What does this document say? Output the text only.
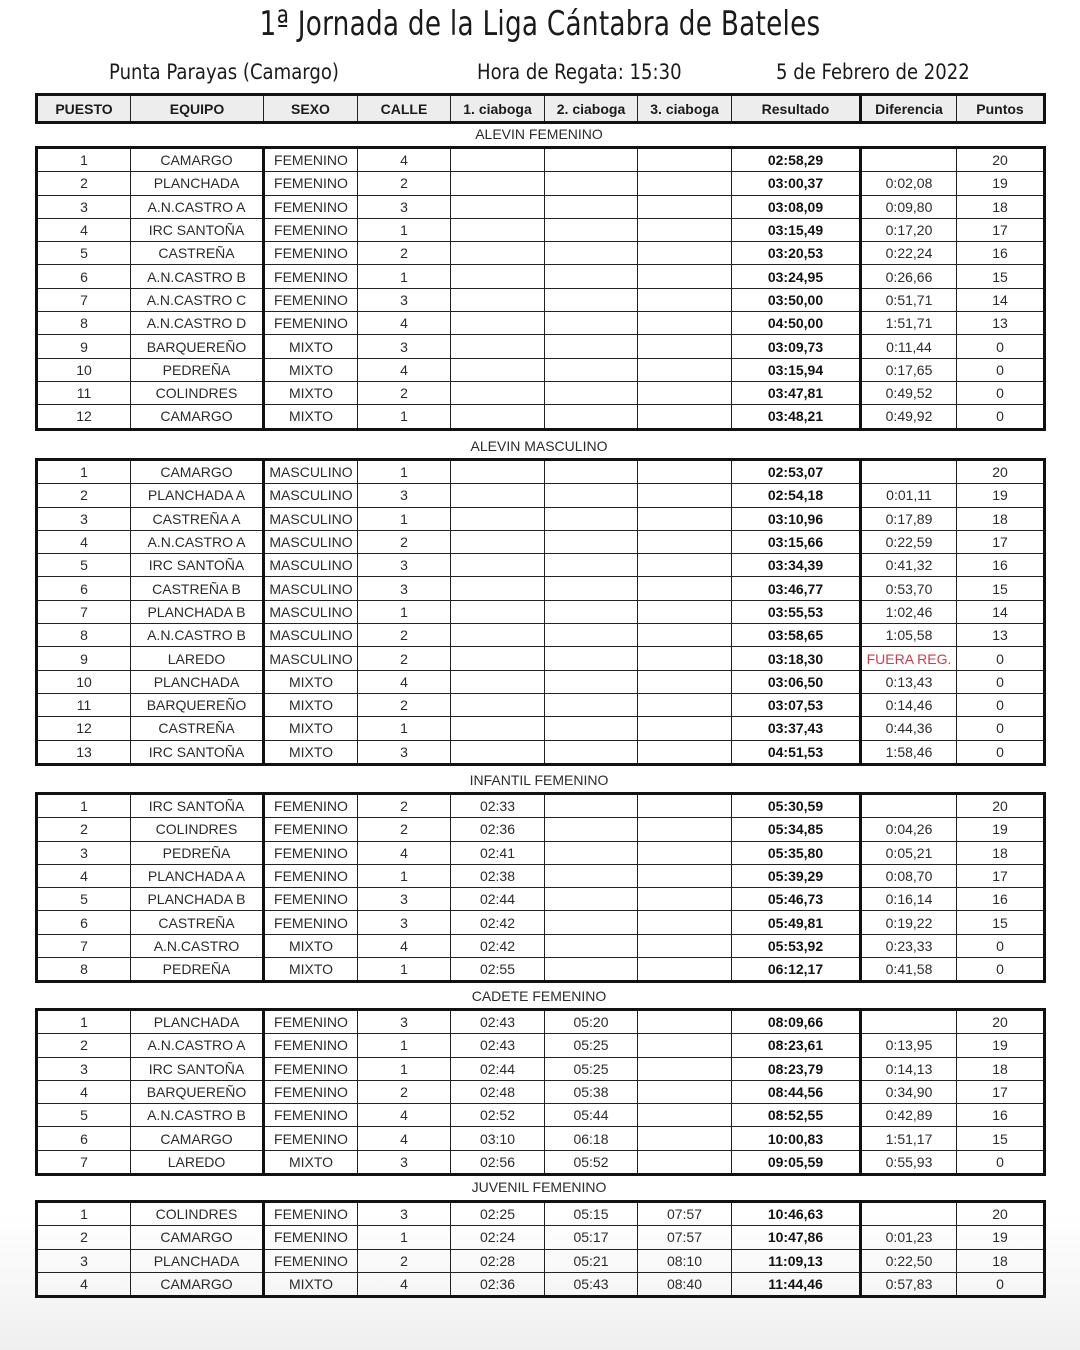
1ª Jornada de la Liga Cántabra de Bateles
Punta Parayas (Camargo)	Hora de Regata: 15:30	5 de Febrero de 2022
PUESTO	EQUIPO	SEXO	CALLE	1. ciaboga	2. ciaboga	3. ciaboga	Resultado	Diferencia	Puntos
ALEVIN FEMENINO
1	CAMARGO	FEMENINO	4				02:58,29		20
2	PLANCHADA	FEMENINO	2				03:00,37	0:02,08	19
3	A.N.CASTRO A	FEMENINO	3				03:08,09	0:09,80	18
4	IRC SANTOÑA	FEMENINO	1				03:15,49	0:17,20	17
5	CASTREÑA	FEMENINO	2				03:20,53	0:22,24	16
6	A.N.CASTRO B	FEMENINO	1				03:24,95	0:26,66	15
7	A.N.CASTRO C	FEMENINO	3				03:50,00	0:51,71	14
8	A.N.CASTRO D	FEMENINO	4				04:50,00	1:51,71	13
9	BARQUEREÑO	MIXTO	3				03:09,73	0:11,44	0
10	PEDREÑA	MIXTO	4				03:15,94	0:17,65	0
11	COLINDRES	MIXTO	2				03:47,81	0:49,52	0
12	CAMARGO	MIXTO	1				03:48,21	0:49,92	0
ALEVIN MASCULINO
1	CAMARGO	MASCULINO	1				02:53,07		20
2	PLANCHADA A	MASCULINO	3				02:54,18	0:01,11	19
3	CASTREÑA A	MASCULINO	1				03:10,96	0:17,89	18
4	A.N.CASTRO A	MASCULINO	2				03:15,66	0:22,59	17
5	IRC SANTOÑA	MASCULINO	3				03:34,39	0:41,32	16
6	CASTREÑA B	MASCULINO	3				03:46,77	0:53,70	15
7	PLANCHADA B	MASCULINO	1				03:55,53	1:02,46	14
8	A.N.CASTRO B	MASCULINO	2				03:58,65	1:05,58	13
9	LAREDO	MASCULINO	2				03:18,30	FUERA REG.	0
10	PLANCHADA	MIXTO	4				03:06,50	0:13,43	0
11	BARQUEREÑO	MIXTO	2				03:07,53	0:14,46	0
12	CASTREÑA	MIXTO	1				03:37,43	0:44,36	0
13	IRC SANTOÑA	MIXTO	3				04:51,53	1:58,46	0
INFANTIL FEMENINO
1	IRC SANTOÑA	FEMENINO	2	02:33			05:30,59		20
2	COLINDRES	FEMENINO	2	02:36			05:34,85	0:04,26	19
3	PEDREÑA	FEMENINO	4	02:41			05:35,80	0:05,21	18
4	PLANCHADA A	FEMENINO	1	02:38			05:39,29	0:08,70	17
5	PLANCHADA B	FEMENINO	3	02:44			05:46,73	0:16,14	16
6	CASTREÑA	FEMENINO	3	02:42			05:49,81	0:19,22	15
7	A.N.CASTRO	MIXTO	4	02:42			05:53,92	0:23,33	0
8	PEDREÑA	MIXTO	1	02:55			06:12,17	0:41,58	0
CADETE FEMENINO
1	PLANCHADA	FEMENINO	3	02:43	05:20		08:09,66		20
2	A.N.CASTRO A	FEMENINO	1	02:43	05:25		08:23,61	0:13,95	19
3	IRC SANTOÑA	FEMENINO	1	02:44	05:25		08:23,79	0:14,13	18
4	BARQUEREÑO	FEMENINO	2	02:48	05:38		08:44,56	0:34,90	17
5	A.N.CASTRO B	FEMENINO	4	02:52	05:44		08:52,55	0:42,89	16
6	CAMARGO	FEMENINO	4	03:10	06:18		10:00,83	1:51,17	15
7	LAREDO	MIXTO	3	02:56	05:52		09:05,59	0:55,93	0
JUVENIL FEMENINO
1	COLINDRES	FEMENINO	3	02:25	05:15	07:57	10:46,63		20
2	CAMARGO	FEMENINO	1	02:24	05:17	07:57	10:47,86	0:01,23	19
3	PLANCHADA	FEMENINO	2	02:28	05:21	08:10	11:09,13	0:22,50	18
4	CAMARGO	MIXTO	4	02:36	05:43	08:40	11:44,46	0:57,83	0
